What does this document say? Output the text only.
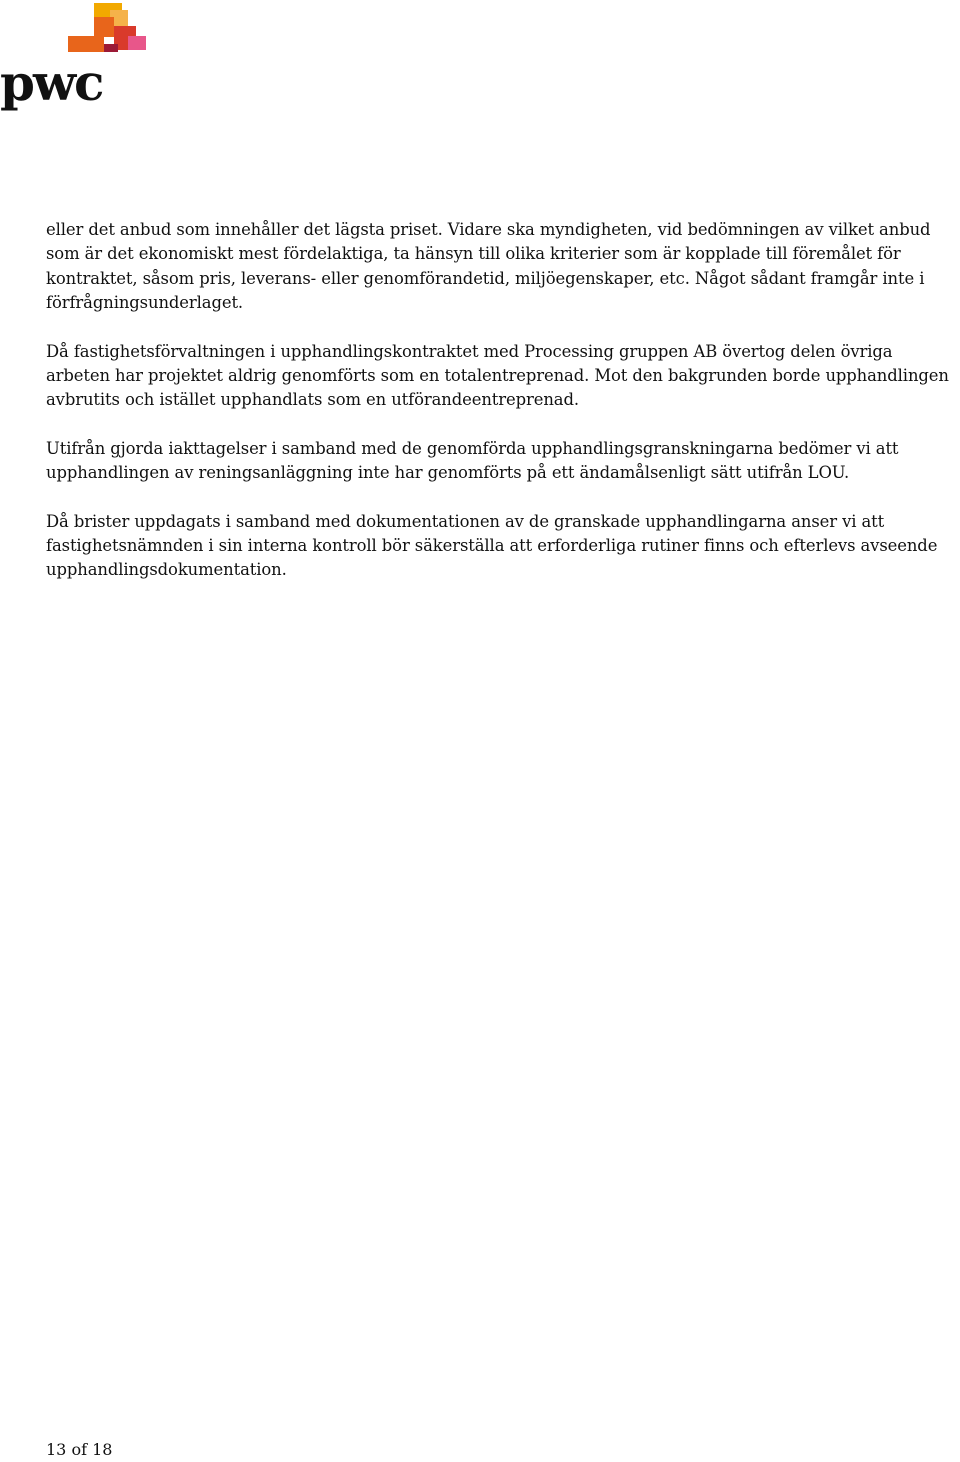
pwc

eller det anbud som innehåller det lägsta priset. Vidare ska myndigheten, vid bedömningen av vilket anbud som är det ekonomiskt mest fördelaktiga, ta hänsyn till olika kriterier som är kopplade till föremålet för kontraktet, såsom pris, leverans- eller genomförandetid, miljöegenskaper, etc. Något sådant framgår inte i förfrågningsunderlaget.

Då fastighetsförvaltningen i upphandlingskontraktet med Processing gruppen AB övertog delen övriga arbeten har projektet aldrig genomförts som en totalentreprenad. Mot den bakgrunden borde upphandlingen avbrutits och istället upphandlats som en utförandeentreprenad.

Utifrån gjorda iakttagelser i samband med de genomförda upphandlingsgranskningarna bedömer vi att upphandlingen av reningsanläggning inte har genomförts på ett ändamålsenligt sätt utifrån LOU.

Då brister uppdagats i samband med dokumentationen av de granskade upphandlingarna anser vi att fastighetsnämnden i sin interna kontroll bör säkerställa att erforderliga rutiner finns och efterlevs avseende upphandlingsdokumentation.

13 of 18
